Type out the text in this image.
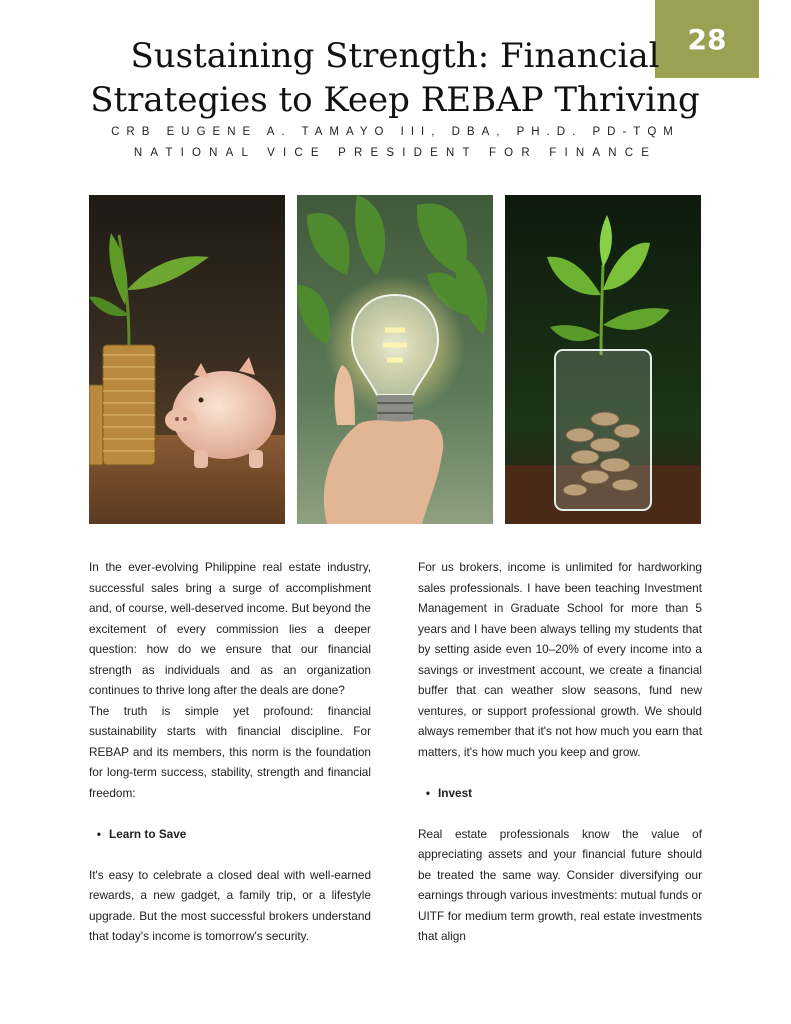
28
Sustaining Strength: Financial
Strategies to Keep REBAP Thriving

CRB EUGENE A. TAMAYO III, DBA, PH.D. PD-TQM

NATIONAL VICE PRESIDENT FOR FINANCE

In the ever-evolving Philippine real estate industry, successful sales bring a surge of accomplishment and, of course, well-deserved income. But beyond the excitement of every commission lies a deeper question: how do we ensure that our financial strength as individuals and as an organization continues to thrive long after the deals are done?

The truth is simple yet profound: financial sustainability starts with financial discipline. For REBAP and its members, this norm is the foundation for long-term success, stability, strength and financial freedom:

• Learn to Save

It's easy to celebrate a closed deal with well-earned rewards, a new gadget, a family trip, or a lifestyle upgrade. But the most successful brokers understand that today's income is tomorrow's security.

For us brokers, income is unlimited for hardworking sales professionals. I have been teaching Investment Management in Graduate School for more than 5 years and I have been always telling my students that by setting aside even 10–20% of every income into a savings or investment account, we create a financial buffer that can weather slow seasons, fund new ventures, or support professional growth. We should always remember that it's not how much you earn that matters, it's how much you keep and grow.

• Invest

Real estate professionals know the value of appreciating assets and your financial future should be treated the same way. Consider diversifying our earnings through various investments: mutual funds or UITF for medium term growth, real estate investments that align
